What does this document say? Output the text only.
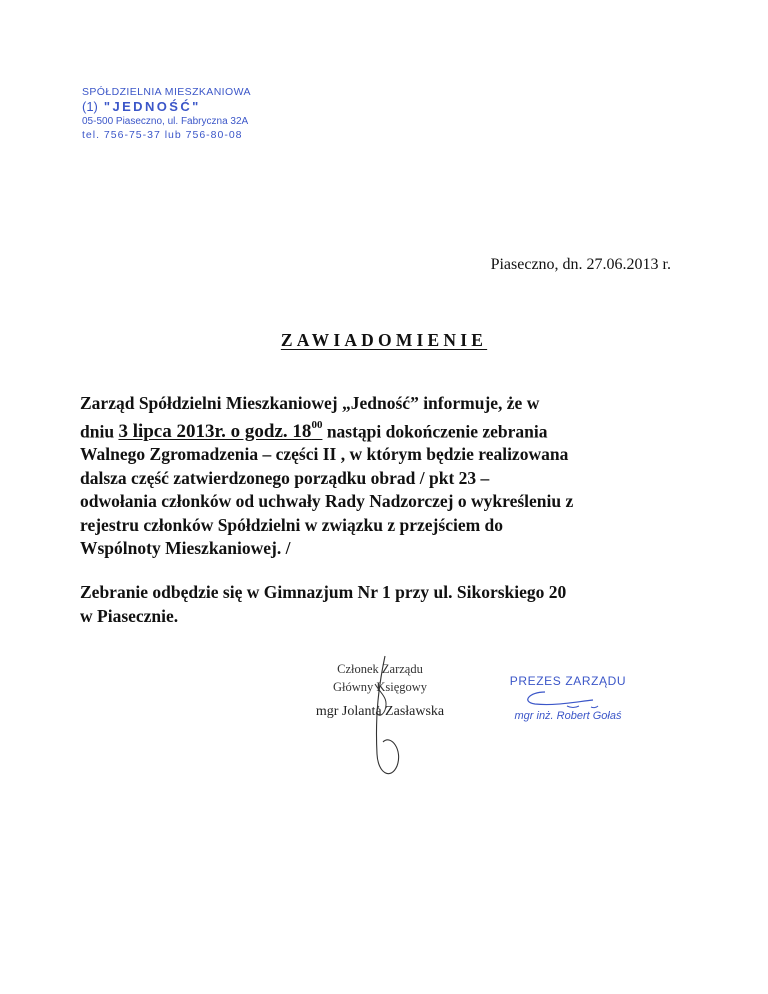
SPÓŁDZIELNIA MIESZKANIOWA
(1) "JEDNOŚĆ"
05-500 Piaseczno, ul. Fabryczna 32A
tel. 756-75-37 lub 756-80-08
Piaseczno, dn. 27.06.2013 r.
ZAWIADOMIENIE
Zarząd Spółdzielni Mieszkaniowej „Jedność” informuje, że w
dniu 3 lipca 2013r. o godz. $18^{00}$ nastąpi dokończenie zebrania
Walnego Zgromadzenia – części II , w którym będzie realizowana
dalsza część zatwierdzonego porządku obrad / pkt 23 –
odwołania członków od uchwały Rady Nadzorczej o wykreśleniu z
rejestru członków Spółdzielni w związku z przejściem do
Wspólnoty Mieszkaniowej. /
Zebranie odbędzie się w Gimnazjum Nr 1 przy ul. Sikorskiego 20
w Piasecznie.
Członek Zarządu
Główny Księgowy
mgr Jolanta Zasławska
PREZES ZARZĄDU
mgr inż. Robert Gołaś
